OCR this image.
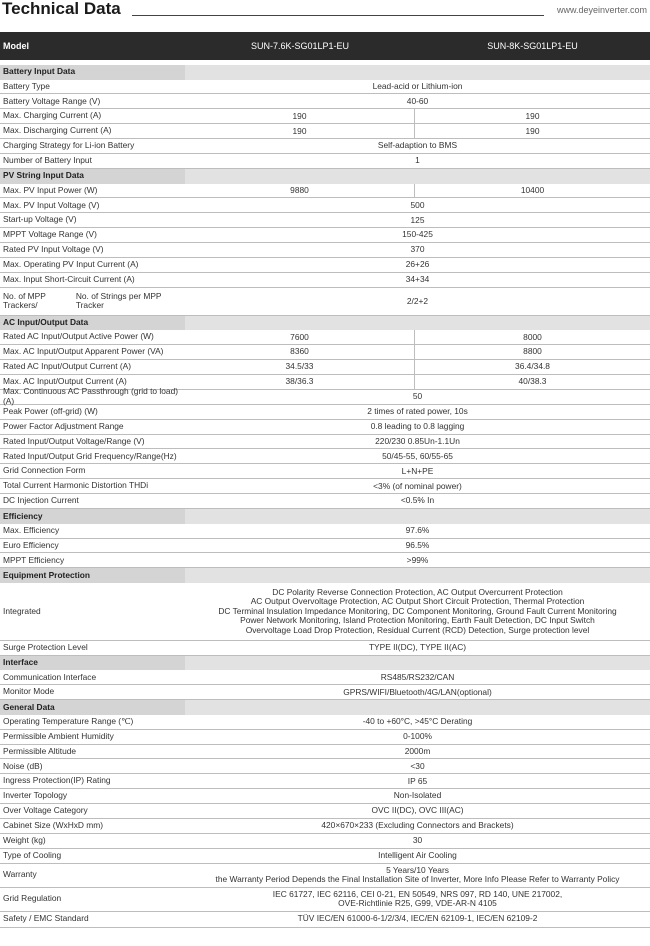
Technical Data	www.deyeinverter.com
Model	SUN-7.6K-SG01LP1-EU	SUN-8K-SG01LP1-EU
Battery Input Data
Battery Type	Lead-acid or Lithium-ion
Battery Voltage Range (V)	40-60
Max. Charging Current (A)	190	190
Max. Discharging Current (A)	190	190
Charging Strategy for Li-ion Battery	Self-adaption to BMS
Number of Battery Input	1
PV String Input Data
Max. PV Input Power (W)	9880	10400
Max. PV Input Voltage (V)	500
Start-up Voltage (V)	125
MPPT Voltage Range (V)	150-425
Rated PV Input Voltage (V)	370
Max. Operating PV Input Current (A)	26+26
Max. Input Short-Circuit Current (A)	34+34
No. of MPP Trackers/
No. of Strings per MPP Tracker	2/2+2
AC Input/Output Data
Rated AC Input/Output Active Power (W)	7600	8000
Max. AC Input/Output Apparent Power (VA)	8360	8800
Rated AC Input/Output Current (A)	34.5/33	36.4/34.8
Max. AC Input/Output Current (A)	38/36.3	40/38.3
Max. Continuous AC Passthrough (grid to load) (A)	50
Peak Power (off-grid) (W)	2 times of rated power, 10s
Power Factor Adjustment Range	0.8 leading to 0.8 lagging
Rated Input/Output Voltage/Range (V)	220/230 0.85Un-1.1Un
Rated Input/Output Grid Frequency/Range(Hz)	50/45-55, 60/55-65
Grid Connection Form	L+N+PE
Total Current Harmonic Distortion THDi	<3% (of nominal power)
DC Injection Current	<0.5% In
Efficiency
Max. Efficiency	97.6%
Euro Efficiency	96.5%
MPPT Efficiency	>99%
Equipment Protection
Integrated
DC Polarity Reverse Connection Protection, AC Output Overcurrent Protection
AC Output Overvoltage Protection, AC Output Short Circuit Protection, Thermal Protection
DC Terminal Insulation Impedance Monitoring, DC Component Monitoring, Ground Fault Current Monitoring
Power Network Monitoring, Island Protection Monitoring, Earth Fault Detection, DC Input Switch
Overvoltage Load Drop Protection, Residual Current (RCD) Detection, Surge protection level
Surge Protection Level	TYPE II(DC), TYPE II(AC)
Interface
Communication Interface	RS485/RS232/CAN
Monitor Mode	GPRS/WIFI/Bluetooth/4G/LAN(optional)
General Data
Operating Temperature Range (℃)	-40 to +60°C, >45°C Derating
Permissible Ambient Humidity	0-100%
Permissible Altitude	2000m
Noise (dB)	<30
Ingress Protection(IP) Rating	IP 65
Inverter Topology	Non-Isolated
Over Voltage Category	OVC II(DC), OVC III(AC)
Cabinet Size (WxHxD mm)	420×670×233 (Excluding Connectors and Brackets)
Weight (kg)	30
Type of Cooling	Intelligent Air Cooling
Warranty	5 Years/10 Years
the Warranty Period Depends the Final Installation Site of Inverter, More Info Please Refer to Warranty Policy
Grid Regulation	IEC 61727, IEC 62116, CEI 0-21, EN 50549, NRS 097, RD 140, UNE 217002,
OVE-Richtlinie R25, G99, VDE-AR-N 4105
Safety / EMC Standard	TÜV IEC/EN 61000-6-1/2/3/4, IEC/EN 62109-1, IEC/EN 62109-2
